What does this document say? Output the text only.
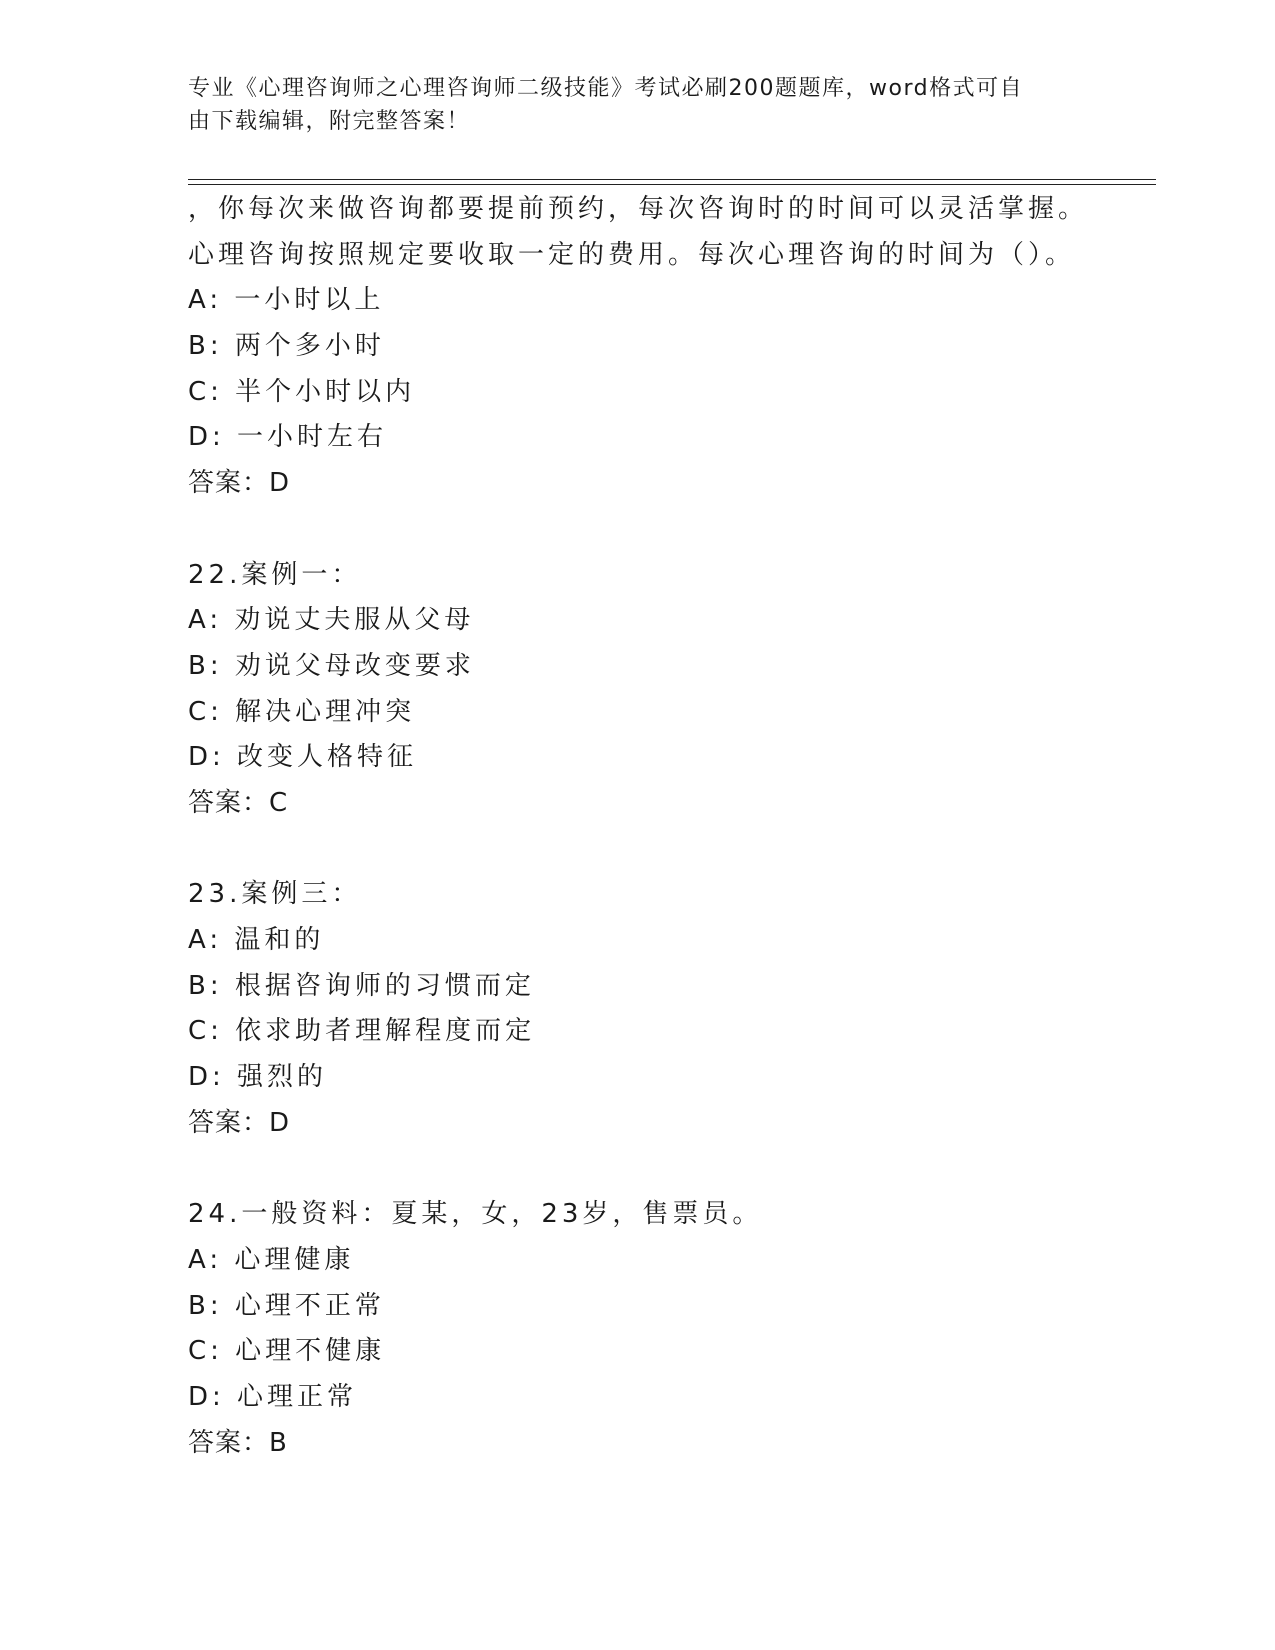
专业《心理咨询师之心理咨询师二级技能》考试必刷200题题库，word格式可自
由下载编辑，附完整答案！
，你每次来做咨询都要提前预约，每次咨询时的时间可以灵活掌握。
心理咨询按照规定要收取一定的费用。每次心理咨询的时间为（）。
A: 一小时以上
B: 两个多小时
C: 半个小时以内
D: 一小时左右
答案：D
22.案例一：
A: 劝说丈夫服从父母
B: 劝说父母改变要求
C: 解决心理冲突
D: 改变人格特征
答案：C
23.案例三：
A: 温和的
B: 根据咨询师的习惯而定
C: 依求助者理解程度而定
D: 强烈的
答案：D
24.一般资料：夏某，女，23岁，售票员。
A: 心理健康
B: 心理不正常
C: 心理不健康
D: 心理正常
答案：B
